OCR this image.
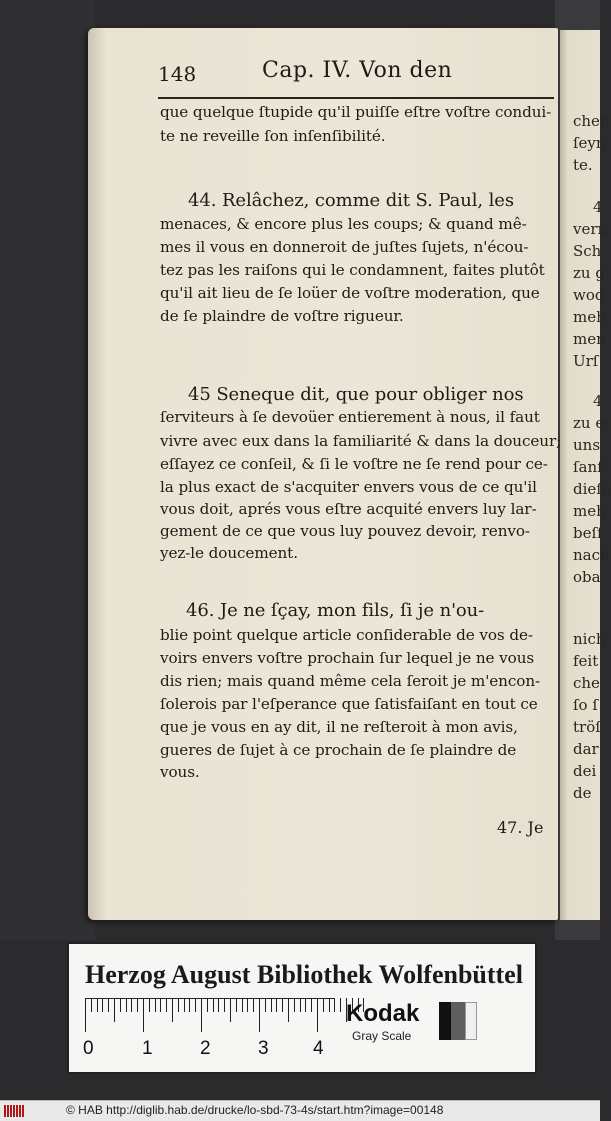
chen
ſeyn
te.
4
vern
Sch
zu g
wod
meh
men
Urſ
4
zu ei
uns
ſanf
dieſe
meh
beſſ
nach
oba
nich
feit
che
ſo ſ
tröſ
dar
dei
de

148	Cap. IV. Von den
que quelque ſtupide qu'il puiſſe eſtre voſtre condui-
te ne reveille ſon inſenſibilité.
44. Relâchez, comme dit S. Paul, les
menaces, & encore plus les coups; & quand mê-
mes il vous en donneroit de juſtes ſujets, n'écou-
tez pas les raiſons qui le condamnent, faites plutôt
qu'il ait lieu de ſe loüer de voſtre moderation, que
de ſe plaindre de voſtre rigueur.
45 Seneque dit, que pour obliger nos
ſerviteurs à ſe devoüer entierement à nous, il faut
vivre avec eux dans la familiarité & dans la douceur;
eſſayez ce conſeil, & ſi le voſtre ne ſe rend pour ce-
la plus exact de s'acquiter envers vous de ce qu'il
vous doit, aprés vous eſtre acquité envers luy lar-
gement de ce que vous luy pouvez devoir, renvo-
yez-le doucement.
46. Je ne ſçay, mon fils, ſi je n'ou-
blie point quelque article conſiderable de vos de-
voirs envers voſtre prochain ſur lequel je ne vous
dis rien; mais quand même cela ſeroit je m'encon-
ſolerois par l'eſperance que ſatisfaiſant en tout ce
que je vous en ay dit, il ne reſteroit à mon avis,
gueres de ſujet à ce prochain de ſe plaindre de
vous.
47. Je
Herzog August Bibliothek Wolfenbüttel
0	1 2 3 4
Kodak
Gray Scale
© HAB http://diglib.hab.de/drucke/lo-sbd-73-4s/start.htm?image=00148
